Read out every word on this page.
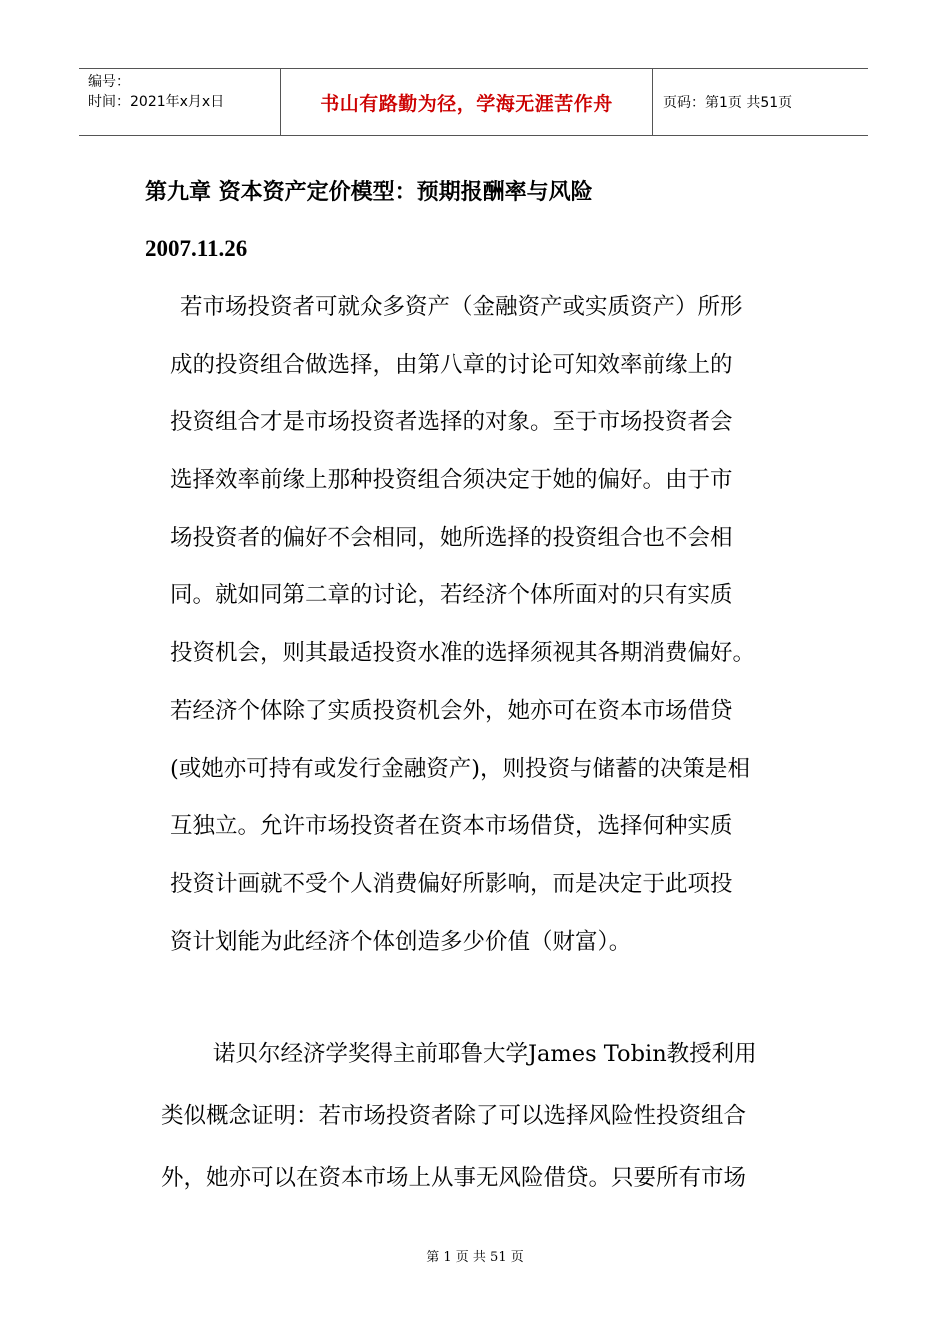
编号：
时间：2021年x月x日	书山有路勤为径，学海无涯苦作舟	页码：第1页 共51页
第九章 资本资产定价模型：预期报酬率与风险
2007.11.26
若市场投资者可就众多资产（金融资产或实质资产）所形
成的投资组合做选择，由第八章的讨论可知效率前缘上的
投资组合才是市场投资者选择的对象。至于市场投资者会
选择效率前缘上那种投资组合须决定于她的偏好。由于市
场投资者的偏好不会相同，她所选择的投资组合也不会相
同。就如同第二章的讨论，若经济个体所面对的只有实质
投资机会，则其最适投资水准的选择须视其各期消费偏好。
若经济个体除了实质投资机会外，她亦可在资本市场借贷
(或她亦可持有或发行金融资产)，则投资与储蓄的决策是相
互独立。允许市场投资者在资本市场借贷，选择何种实质
投资计画就不受个人消费偏好所影响，而是决定于此项投
资计划能为此经济个体创造多少价值（财富）。
诺贝尔经济学奖得主前耶鲁大学James Tobin教授利用
类似概念证明：若市场投资者除了可以选择风险性投资组合
外，她亦可以在资本市场上从事无风险借贷。只要所有市场
第 1 页 共 51 页
